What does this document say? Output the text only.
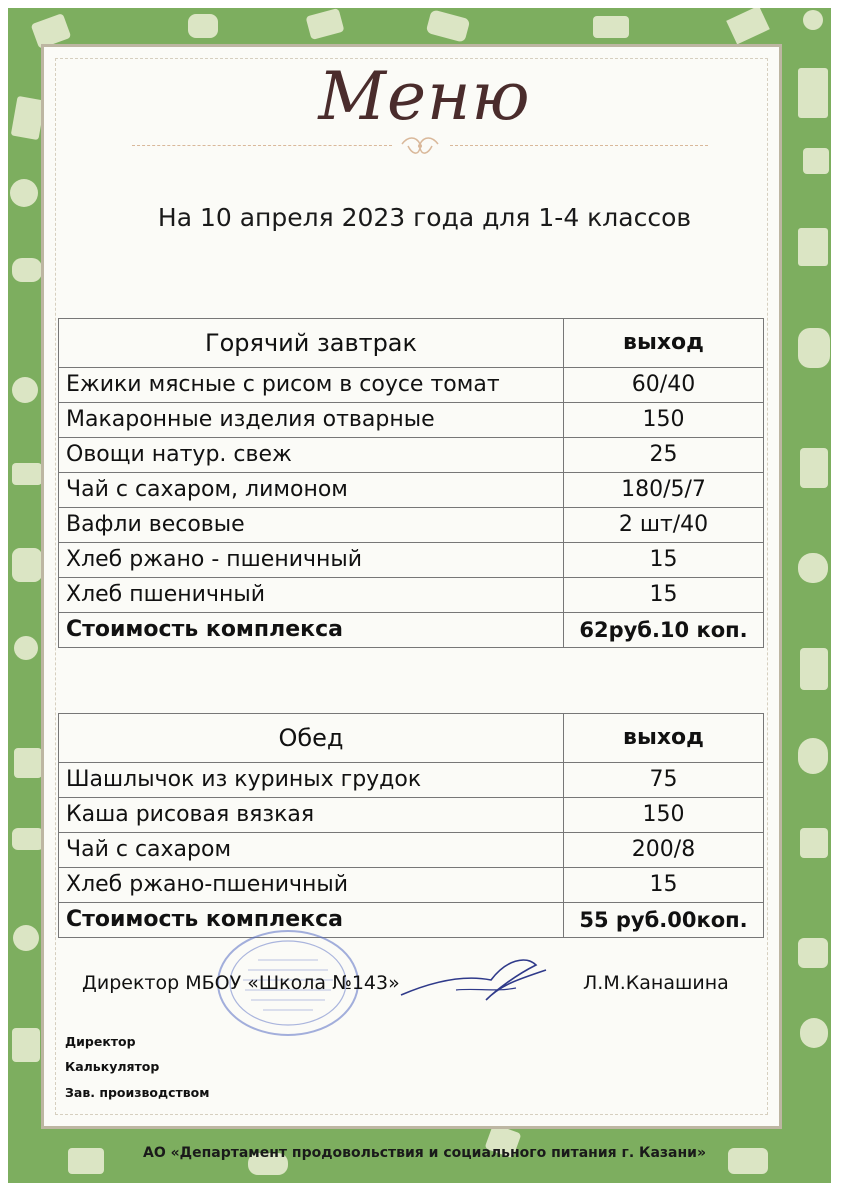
Меню
На 10 апреля 2023 года для 1-4 классов
Горячий завтрак	выход
Ежики мясные с рисом в соусе томат	60/40
Макаронные изделия отварные	150
Овощи натур. свеж	25
Чай с сахаром, лимоном	180/5/7
Вафли весовые	2 шт/40
Хлеб ржано - пшеничный	15
Хлеб пшеничный	15
Стоимость комплекса	62руб.10 коп.
Обед	выход
Шашлычок из куриных грудок	75
Каша рисовая вязкая	150
Чай с сахаром	200/8
Хлеб ржано-пшеничный	15
Стоимость комплекса	55 руб.00коп.
Директор МБОУ «Школа №143»	Л.М.Канашина
Директор
Калькулятор
Зав. производством
АО «Департамент продовольствия и социального питания г. Казани»
